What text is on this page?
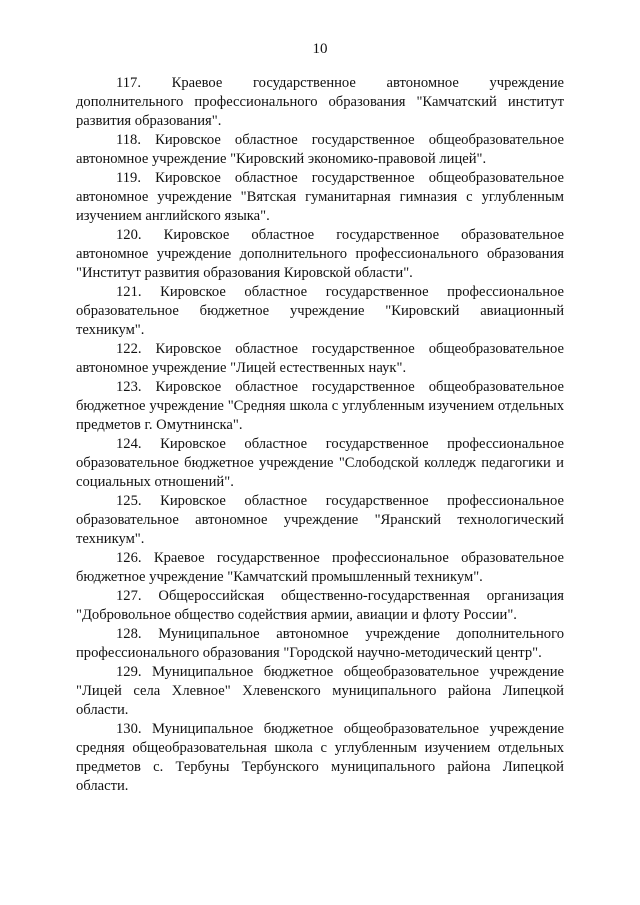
10

117. Краевое государственное автономное учреждение дополнительного профессионального образования "Камчатский институт развития образования".

118. Кировское областное государственное общеобразовательное автономное учреждение "Кировский экономико-правовой лицей".

119. Кировское областное государственное общеобразовательное автономное учреждение "Вятская гуманитарная гимназия с углубленным изучением английского языка".

120. Кировское областное государственное образовательное автономное учреждение дополнительного профессионального образования "Институт развития образования Кировской области".

121. Кировское областное государственное профессиональное образовательное бюджетное учреждение "Кировский авиационный техникум".

122. Кировское областное государственное общеобразовательное автономное учреждение "Лицей естественных наук".

123. Кировское областное государственное общеобразовательное бюджетное учреждение "Средняя школа с углубленным изучением отдельных предметов г. Омутнинска".

124. Кировское областное государственное профессиональное образовательное бюджетное учреждение "Слободской колледж педагогики и социальных отношений".

125. Кировское областное государственное профессиональное образовательное автономное учреждение "Яранский технологический техникум".

126. Краевое государственное профессиональное образовательное бюджетное учреждение "Камчатский промышленный техникум".

127. Общероссийская общественно-государственная организация "Добровольное общество содействия армии, авиации и флоту России".

128. Муниципальное автономное учреждение дополнительного профессионального образования "Городской научно-методический центр".

129. Муниципальное бюджетное общеобразовательное учреждение "Лицей села Хлевное" Хлевенского муниципального района Липецкой области.

130. Муниципальное бюджетное общеобразовательное учреждение средняя общеобразовательная школа с углубленным изучением отдельных предметов с. Тербуны Тербунского муниципального района Липецкой области.
